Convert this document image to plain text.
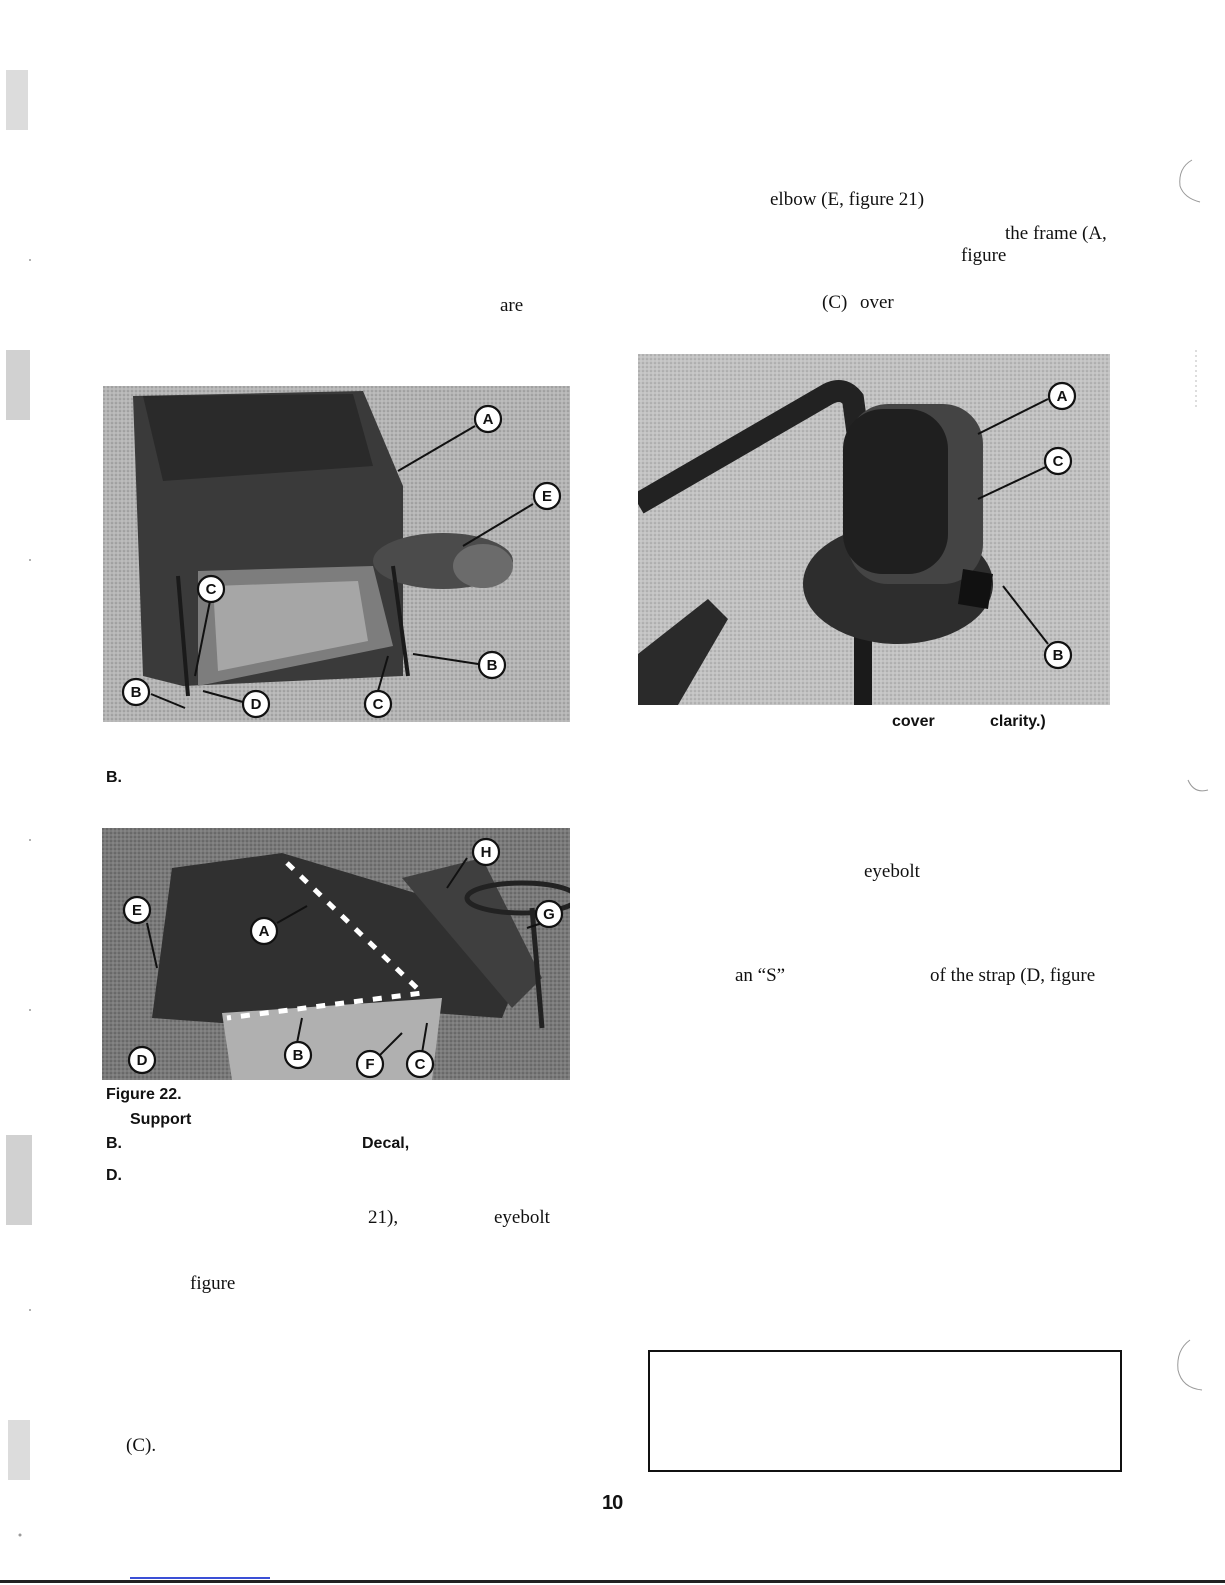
elbow (E, figure 21)
the frame (A,
figure
(C) over
are
A
E
C
B
B
D	C
A
C
B
cover	clarity.)
B.
H
E
A
G
D	B
F	C
eyebolt
an “S”	of the strap (D, figure
Figure 22.
Support
B.	Decal,
D.
21),	eyebolt
figure
(C).
10
